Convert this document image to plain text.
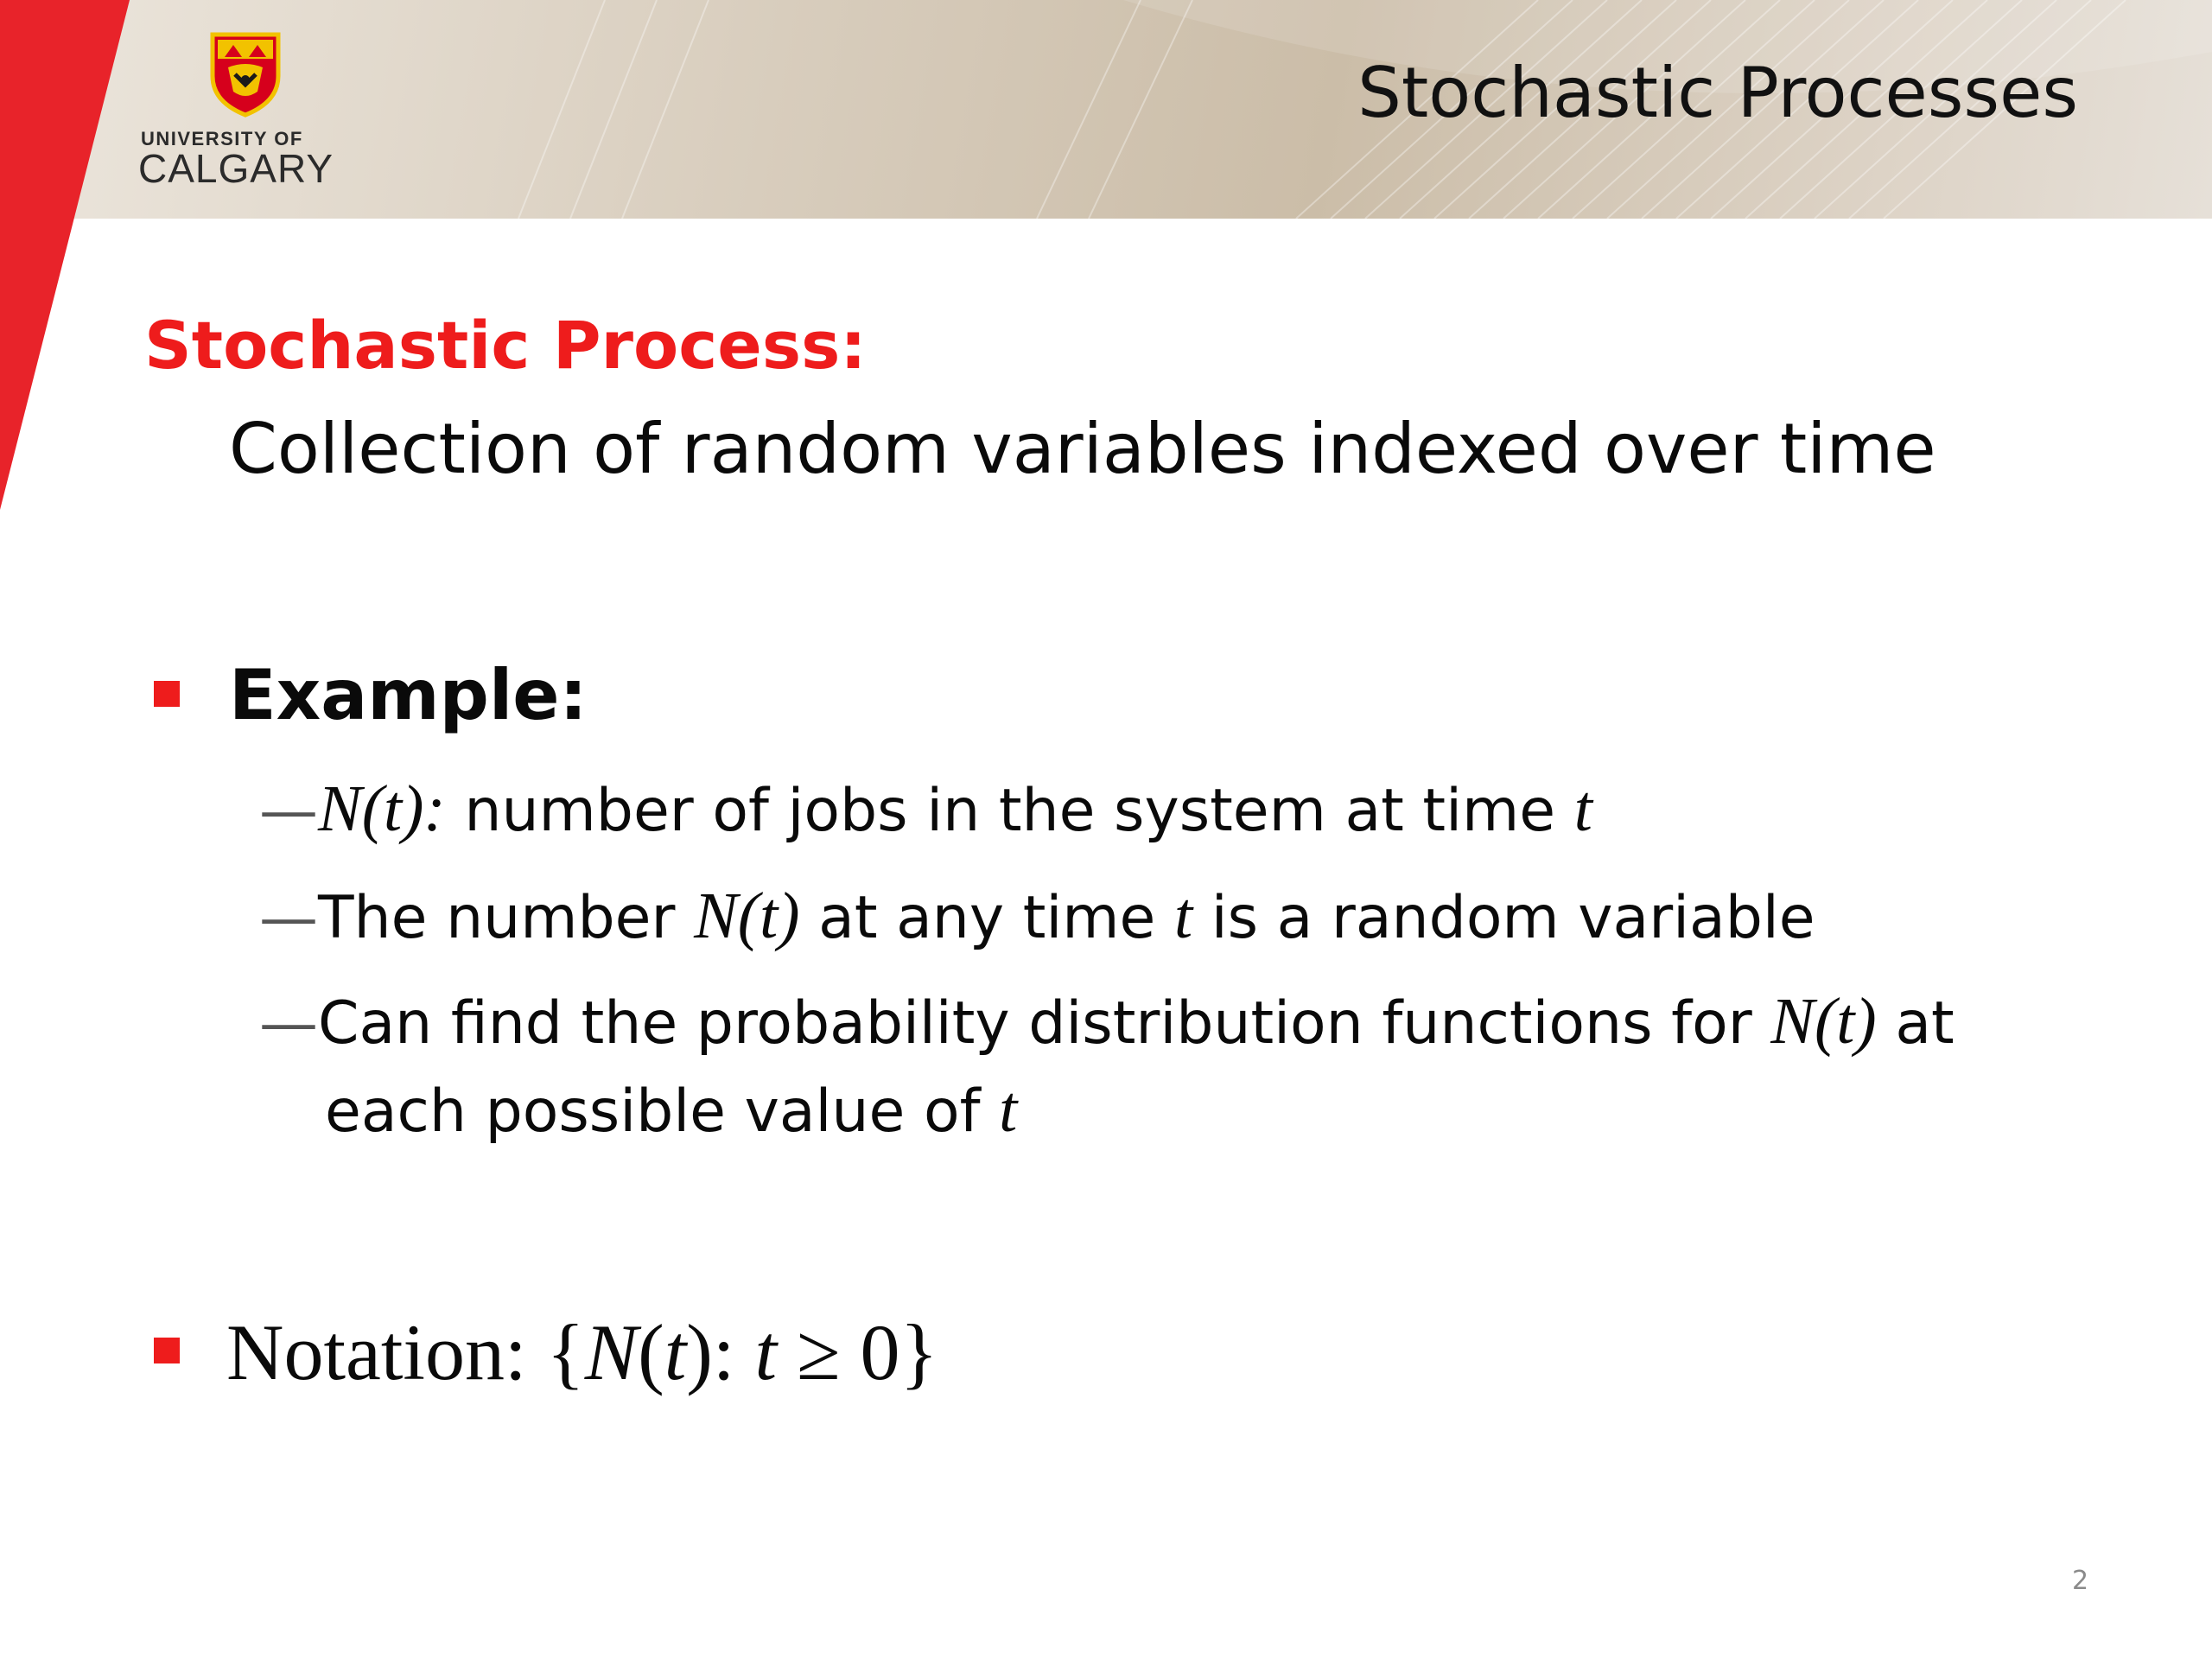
UNIVERSITY OF
CALGARY
Stochastic Processes
Stochastic Process:
Collection of random variables indexed over time
Example:
—N(t): number of jobs in the system at time t
—The number N(t) at any time t is a random variable
—Can find the probability distribution functions for N(t) at
each possible value of t
Notation: {N(t): t ≥ 0}
2
